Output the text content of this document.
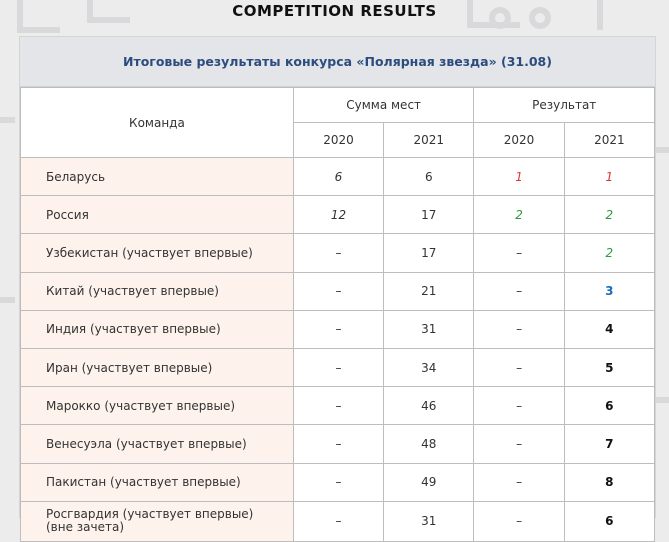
COMPETITION RESULTS
Итоговые результаты конкурса «Полярная звезда» (31.08)
Команда	Сумма мест		Результат	
	2020	2021	2020	2021
Беларусь	6	6	1	1
Россия	12	17	2	2
Узбекистан (участвует впервые)	–	17	–	2
Китай (участвует впервые)	–	21	–	3
Индия (участвует впервые)	–	31	–	4
Иран (участвует впервые)	–	34	–	5
Марокко (участвует впервые)	–	46	–	6
Венесуэла (участвует впервые)	–	48	–	7
Пакистан (участвует впервые)	–	49	–	8

Росгвардия (участвует впервые)
(вне зачета)	–	31	–	6
